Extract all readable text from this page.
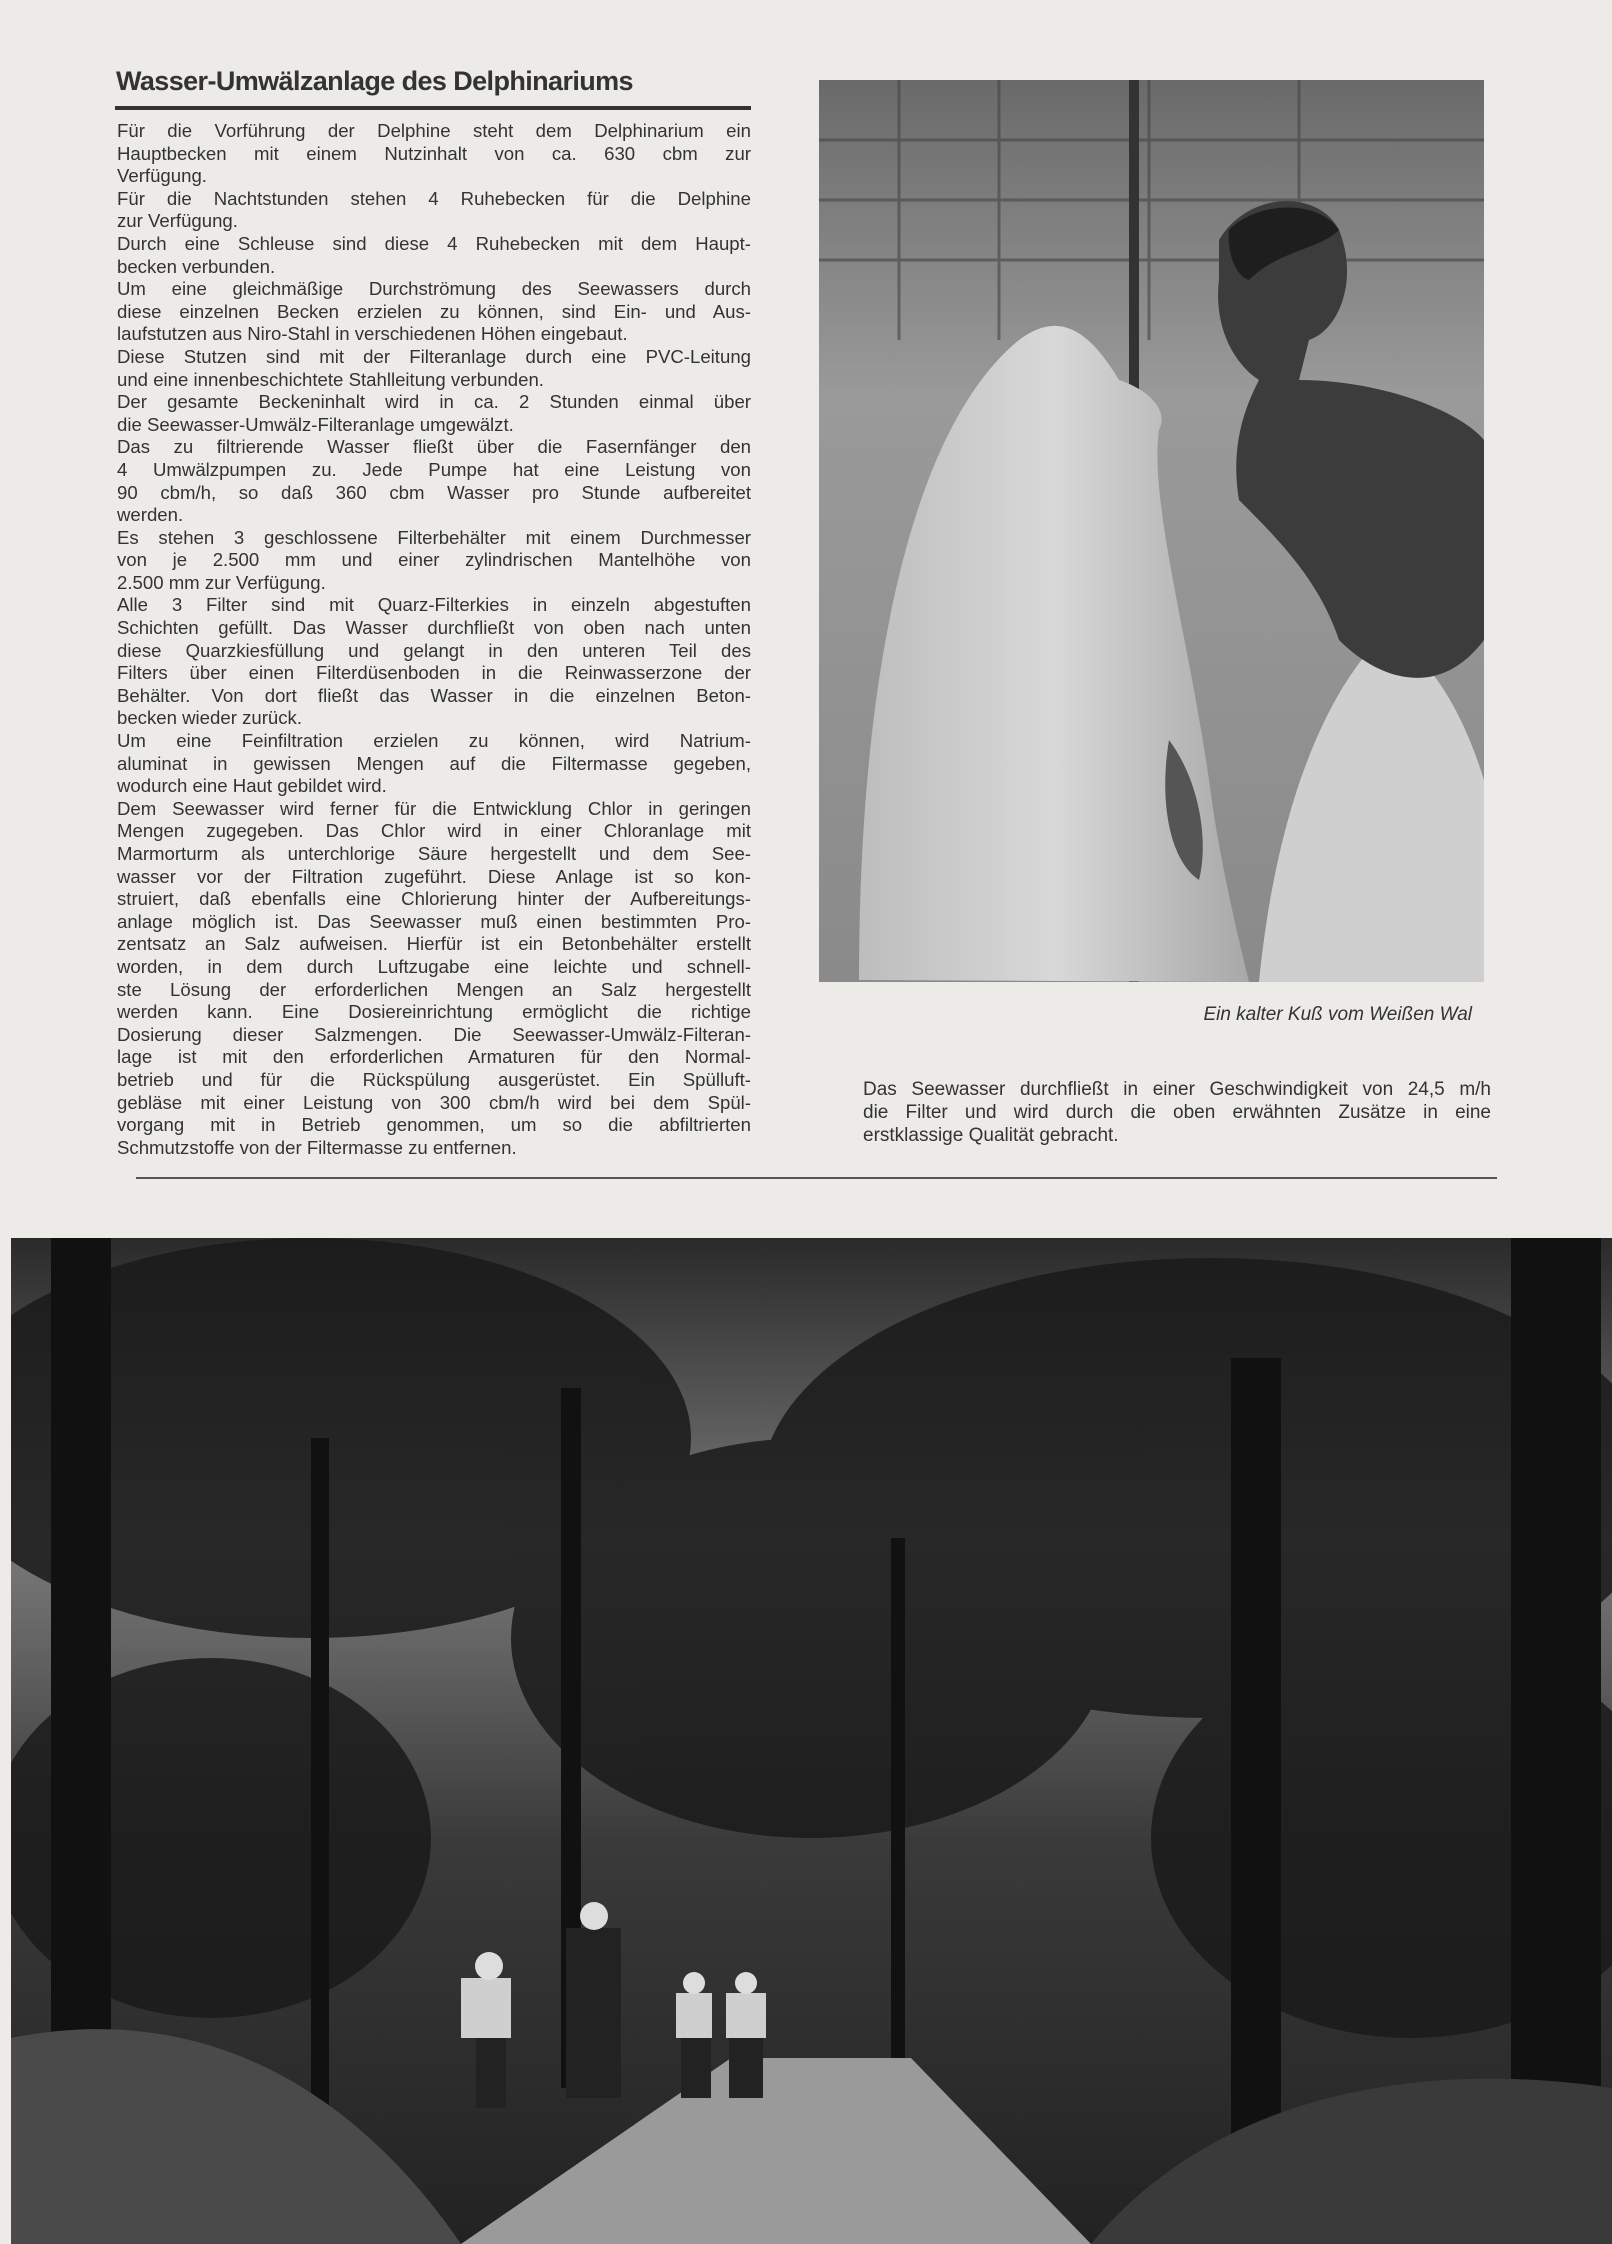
Wasser-Umwälzanlage des Delphinariums
Für die Vorführung der Delphine steht dem Delphinarium ein
Hauptbecken mit einem Nutzinhalt von ca. 630 cbm zur
Verfügung.
Für die Nachtstunden stehen 4 Ruhebecken für die Delphine
zur Verfügung.
Durch eine Schleuse sind diese 4 Ruhebecken mit dem Haupt-
becken verbunden.
Um eine gleichmäßige Durchströmung des Seewassers durch
diese einzelnen Becken erzielen zu können, sind Ein- und Aus-
laufstutzen aus Niro-Stahl in verschiedenen Höhen eingebaut.
Diese Stutzen sind mit der Filteranlage durch eine PVC-Leitung
und eine innenbeschichtete Stahlleitung verbunden.
Der gesamte Beckeninhalt wird in ca. 2 Stunden einmal über
die Seewasser-Umwälz-Filteranlage umgewälzt.
Das zu filtrierende Wasser fließt über die Fasernfänger den
4 Umwälzpumpen zu. Jede Pumpe hat eine Leistung von
90 cbm/h, so daß 360 cbm Wasser pro Stunde aufbereitet
werden.
Es stehen 3 geschlossene Filterbehälter mit einem Durchmesser
von je 2.500 mm und einer zylindrischen Mantelhöhe von
2.500 mm zur Verfügung.
Alle 3 Filter sind mit Quarz-Filterkies in einzeln abgestuften
Schichten gefüllt. Das Wasser durchfließt von oben nach unten
diese Quarzkiesfüllung und gelangt in den unteren Teil des
Filters über einen Filterdüsenboden in die Reinwasserzone der
Behälter. Von dort fließt das Wasser in die einzelnen Beton-
becken wieder zurück.
Um eine Feinfiltration erzielen zu können, wird Natrium-
aluminat in gewissen Mengen auf die Filtermasse gegeben,
wodurch eine Haut gebildet wird.
Dem Seewasser wird ferner für die Entwicklung Chlor in geringen
Mengen zugegeben. Das Chlor wird in einer Chloranlage mit
Marmorturm als unterchlorige Säure hergestellt und dem See-
wasser vor der Filtration zugeführt. Diese Anlage ist so kon-
struiert, daß ebenfalls eine Chlorierung hinter der Aufbereitungs-
anlage möglich ist. Das Seewasser muß einen bestimmten Pro-
zentsatz an Salz aufweisen. Hierfür ist ein Betonbehälter erstellt
worden, in dem durch Luftzugabe eine leichte und schnell-
ste Lösung der erforderlichen Mengen an Salz hergestellt
werden kann. Eine Dosiereinrichtung ermöglicht die richtige
Dosierung dieser Salzmengen. Die Seewasser-Umwälz-Filteran-
lage ist mit den erforderlichen Armaturen für den Normal-
betrieb und für die Rückspülung ausgerüstet. Ein Spülluft-
gebläse mit einer Leistung von 300 cbm/h wird bei dem Spül-
vorgang mit in Betrieb genommen, um so die abfiltrierten
Schmutzstoffe von der Filtermasse zu entfernen.
Ein kalter Kuß vom Weißen Wal
Das Seewasser durchfließt in einer Geschwindigkeit von 24,5 m/h
die Filter und wird durch die oben erwähnten Zusätze in eine
erstklassige Qualität gebracht.
